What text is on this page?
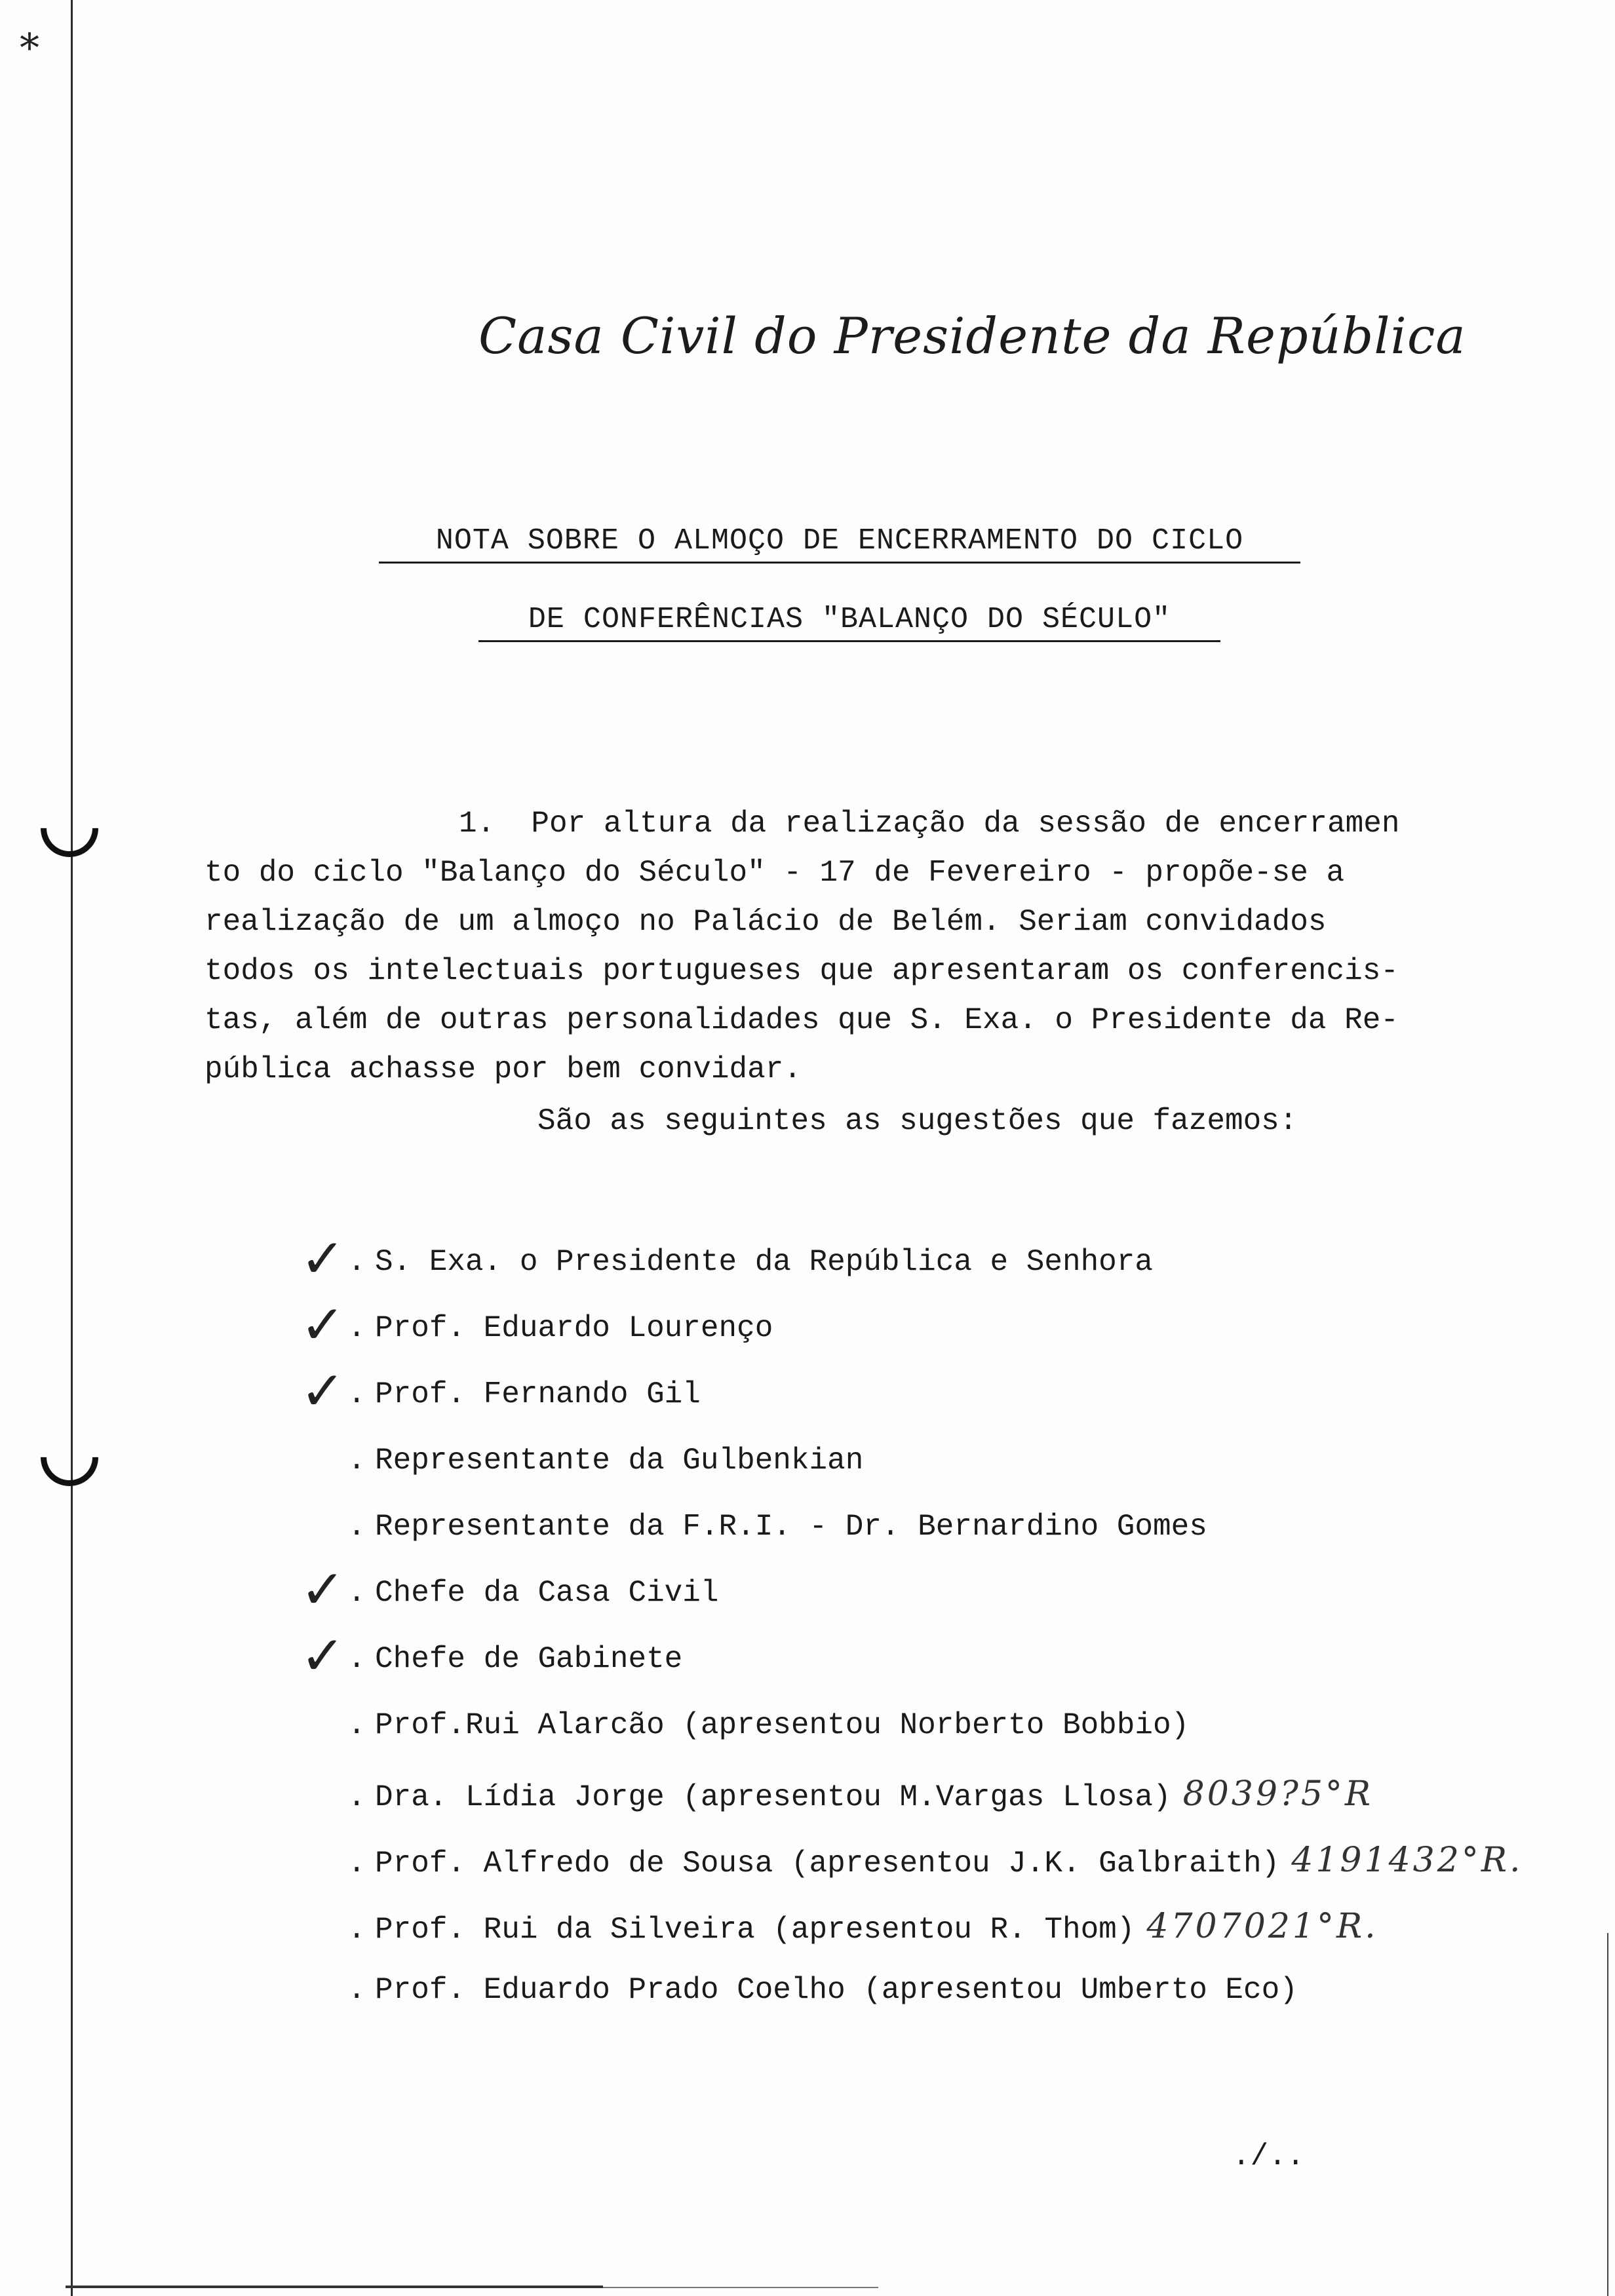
⁎
Casa Civil do Presidente da República
NOTA SOBRE O ALMOÇO DE ENCERRAMENTO DO CICLO
DE CONFERÊNCIAS "BALANÇO DO SÉCULO"
1.  Por altura da realização da sessão de encerramen
to do ciclo "Balanço do Século" - 17 de Fevereiro - propõe-se a
realização de um almoço no Palácio de Belém. Seriam convidados
todos os intelectuais portugueses que apresentaram os conferencis-
tas, além de outras personalidades que S. Exa. o Presidente da Re-
pública achasse por bem convidar.
São as seguintes as sugestões que fazemos:
✓ . S. Exa. o Presidente da República e Senhora
✓ . Prof. Eduardo Lourenço
✓ . Prof. Fernando Gil
. Representante da Gulbenkian
. Representante da F.R.I. - Dr. Bernardino Gomes
✓ . Chefe da Casa Civil
✓ . Chefe de Gabinete
. Prof.Rui Alarcão (apresentou Norberto Bobbio)
. Dra. Lídia Jorge (apresentou M.Vargas Llosa) 8039?5°R
. Prof. Alfredo de Sousa (apresentou J.K. Galbraith) 4191432°R.
. Prof. Rui da Silveira (apresentou R. Thom) 4707021°R.
. Prof. Eduardo Prado Coelho (apresentou Umberto Eco)
./..
